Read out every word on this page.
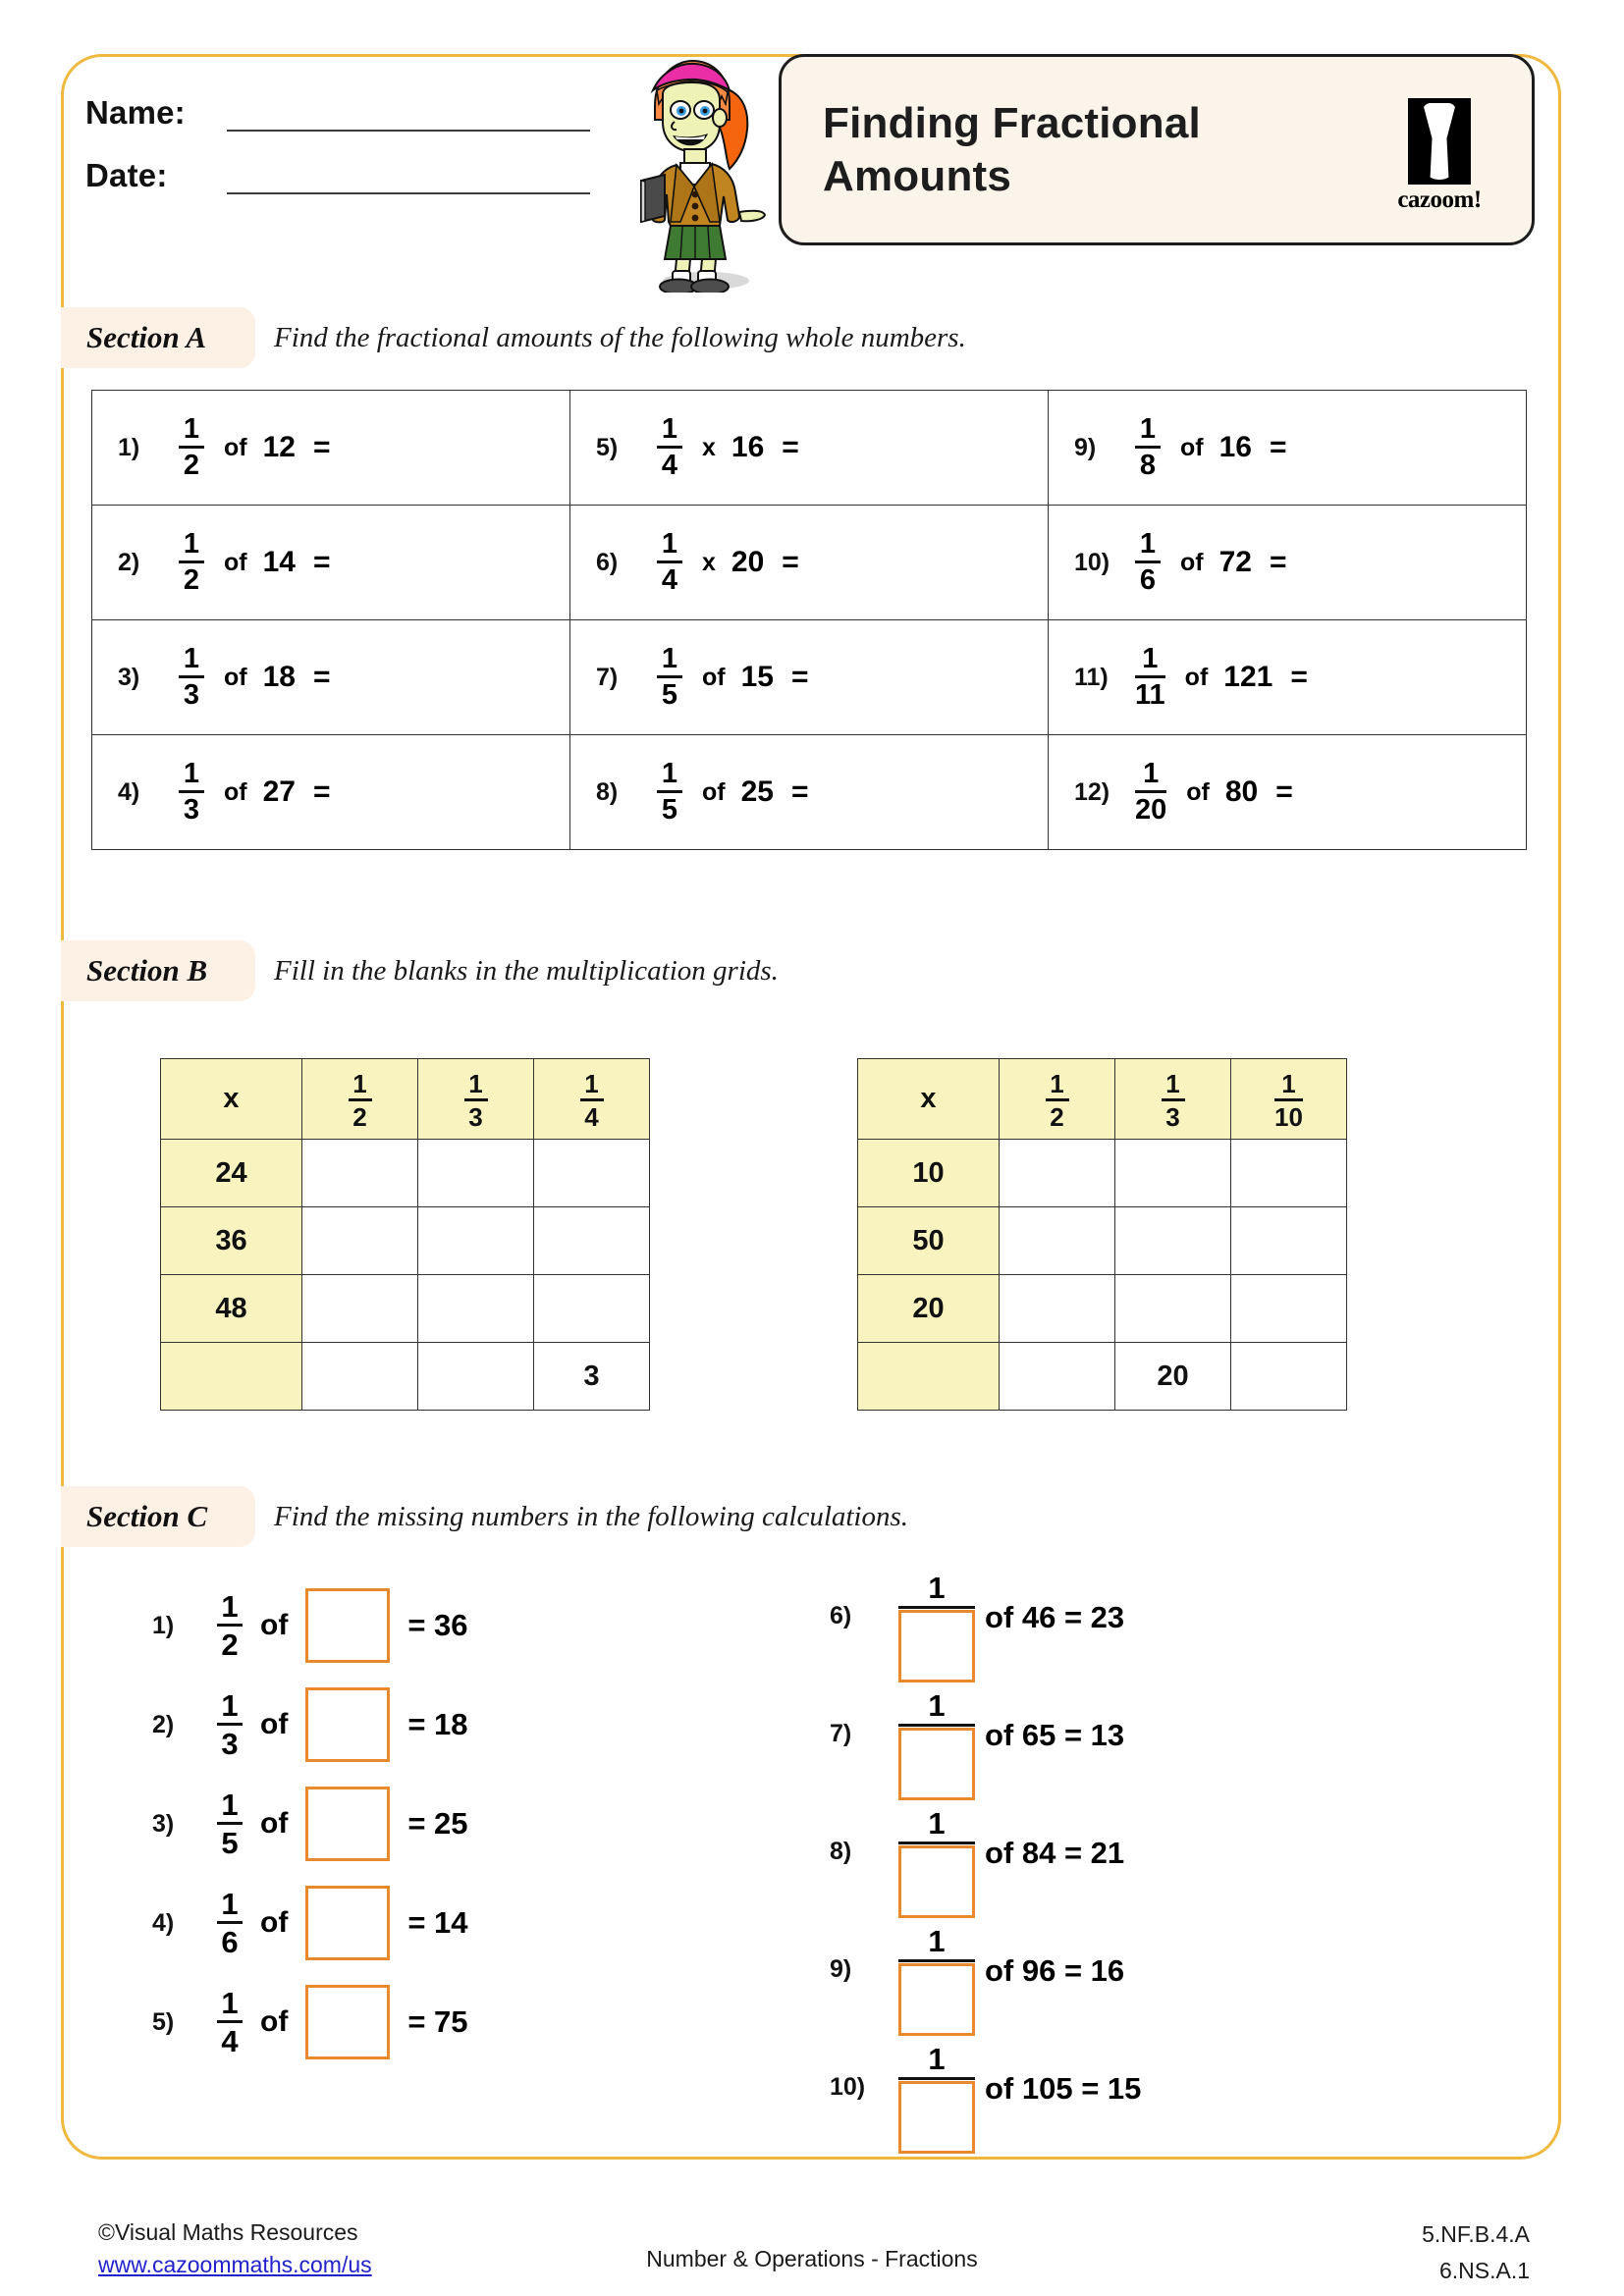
Name:
Date:
Finding Fractional Amounts	cazoom!
Section A Find the fractional amounts of the following whole numbers.
1)	$\frac{1}{2}$ of 12 =	5)	$\frac{1}{4}$ x 16 =	9)	$\frac{1}{8}$ of 16 =

2)	$\frac{1}{2}$ of 14 =	6)	$\frac{1}{4}$ x 20 =	$10) \frac{1}{6}$ of 72 =

3)	$\frac{1}{3}$ of 18 =	7)	$\frac{1}{5}$ of 15 =	$11) \frac{1}{11}$ of 121 =

4)	$\frac{1}{3}$ of 27 =	8)	$\frac{1}{5}$ of 25 =	$12) \frac{1}{20}$ of 80 =
Section B Fill in the blanks in the multiplication grids.
x	$\frac{1}{2}$	$\frac{1}{3}$	$\frac{1}{4}$

24			
36			
48			
			3
x	$\frac{1}{2}$	$\frac{1}{3}$	$\frac{1}{10}$

10			
50			
20			
		20	
Section C Find the missing numbers in the following calculations.
1)	$\frac{1}{2}$ of	= 36
2)	$\frac{1}{3}$ of	= 18
3)	$\frac{1}{5}$ of	= 25
4)	$\frac{1}{6}$ of	= 14
5)	$\frac{1}{4}$ of	= 75
6)
1
of 46 = 23
7)
1
of 65 = 13
8)
1
of 84 = 21
9)
1
of 96 = 16
10)
1
of 105 = 15
©Visual Maths Resources
www.cazoommaths.com/us	Number & Operations - Fractions
5.NF.B.4.A
6.NS.A.1
